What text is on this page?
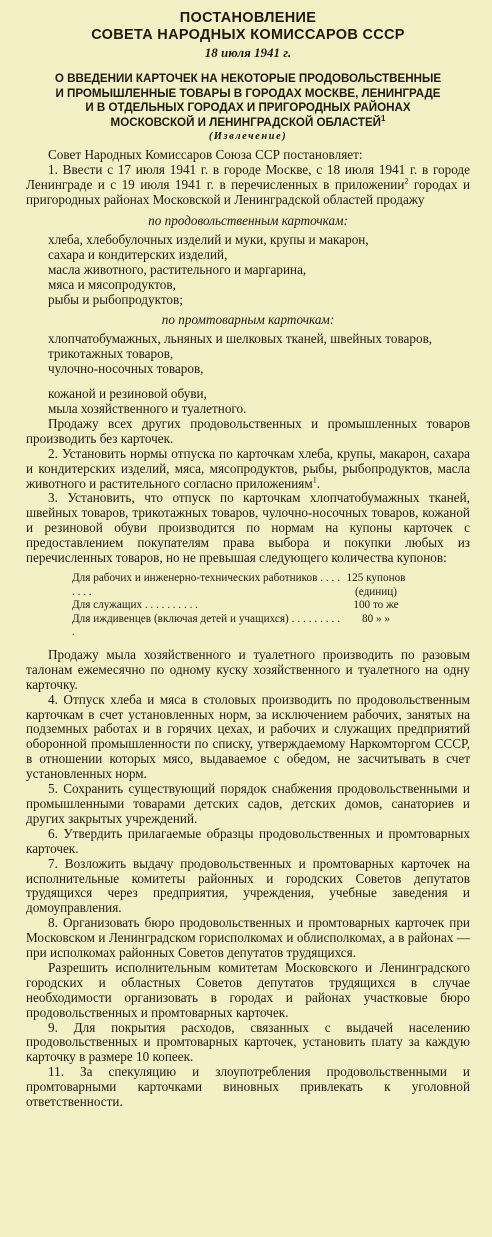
ПОСТАНОВЛЕНИЕ
СОВЕТА НАРОДНЫХ КОМИССАРОВ СССР
18 июля 1941 г.
О ВВЕДЕНИИ КАРТОЧЕК НА НЕКОТОРЫЕ ПРОДОВОЛЬСТВЕННЫЕ
И ПРОМЫШЛЕННЫЕ ТОВАРЫ В ГОРОДАХ МОСКВЕ, ЛЕНИНГРАДЕ
И В ОТДЕЛЬНЫХ ГОРОДАХ И ПРИГОРОДНЫХ РАЙОНАХ
МОСКОВСКОЙ И ЛЕНИНГРАДСКОЙ ОБЛАСТЕЙ$^1$
(Извлечение)

Совет Народных Комиссаров Союза ССР постановляет:

1. Ввести с 17 июля 1941 г. в городе Москве, с 18 июля 1941 г. в городе Ленинграде и с 19 июля 1941 г. в перечисленных в приложении$^2$ городах и пригородных районах Московской и Ленинградской областей продажу

по продовольственным карточкам:
хлеба, хлебобулочных изделий и муки, крупы и макарон,
сахара и кондитерских изделий,
масла животного, растительного и маргарина,
мяса и мясопродуктов,
рыбы и рыбопродуктов;
по промтоварным карточкам:

хлопчатобумажных, льняных и шелковых тканей, швейных товаров,

трикотажных товаров,
чулочно-носочных товаров,
кожаной и резиновой обуви,
мыла хозяйственного и туалетного.

Продажу всех других продовольственных и промышленных товаров производить без карточек.

2. Установить нормы отпуска по карточкам хлеба, крупы, макарон, сахара и кондитерских изделий, мяса, мясопродуктов, рыбы, рыбопродуктов, масла животного и растительного согласно приложениям$^1$.

3. Установить, что отпуск по карточкам хлопчатобумажных тканей, швейных товаров, трикотажных товаров, чулочно-носочных товаров, кожаной и резиновой обуви производится по нормам на купоны карточек с предоставлением покупателям права выбора и покупки любых из перечисленных товаров, но не превышая следующего количества купонов:

Для рабочих и инженерно-технических работников . . . . . . . .
125 купонов (единиц)
Для служащих . . . . . . . . . .	100 то же
Для иждивенцев (включая детей и учащихся) . . . . . . . . . .
80 » »

Продажу мыла хозяйственного и туалетного производить по разовым талонам ежемесячно по одному куску хозяйственного и туалетного на одну карточку.

4. Отпуск хлеба и мяса в столовых производить по продовольственным карточкам в счет установленных норм, за исключением рабочих, занятых на подземных работах и в горячих цехах, и рабочих и служащих предприятий оборонной промышленности по списку, утверждаемому Наркомторгом СССР, в отношении которых мясо, выдаваемое с обедом, не засчитывать в счет установленных норм.

5. Сохранить существующий порядок снабжения продовольственными и промышленными товарами детских садов, детских домов, санаториев и других закрытых учреждений.

6. Утвердить прилагаемые образцы продовольственных и промтоварных карточек.

7. Возложить выдачу продовольственных и промтоварных карточек на исполнительные комитеты районных и городских Советов депутатов трудящихся через предприятия, учреждения, учебные заведения и домоуправления.

8. Организовать бюро продовольственных и промтоварных карточек при Московском и Ленинградском горисполкомах и облисполкомах, а в районах — при исполкомах районных Советов депутатов трудящихся.

Разрешить исполнительным комитетам Московского и Ленинградского городских и областных Советов депутатов трудящихся в случае необходимости организовать в городах и районах участковые бюро продовольственных и промтоварных карточек.

9. Для покрытия расходов, связанных с выдачей населению продовольственных и промтоварных карточек, установить плату за каждую карточку в размере 10 копеек.

11. За спекуляцию и злоупотребления продовольственными и промтоварными карточками виновных привлекать к уголовной ответственности.
